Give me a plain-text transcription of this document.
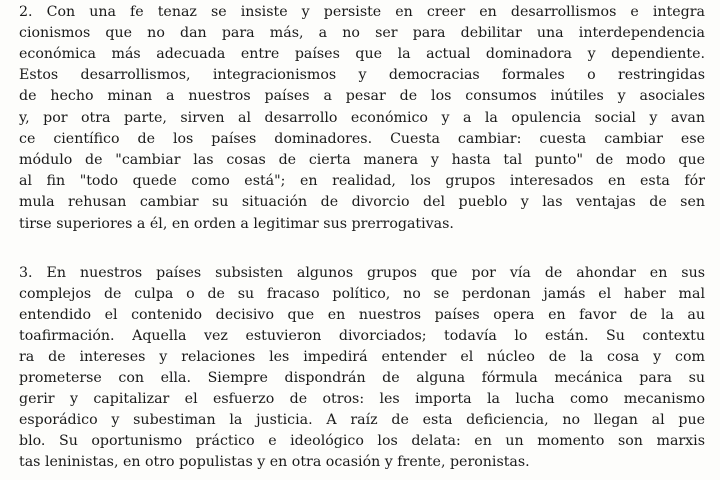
2. Con una fe tenaz se insiste y persiste en creer en desarrollismos e integra
cionismos que no dan para más, a no ser para debilitar una interdependencia
económica más adecuada entre países que la actual dominadora y dependiente.
Estos desarrollismos, integracionismos y democracias formales o restringidas
de hecho minan a nuestros países a pesar de los consumos inútiles y asociales
y, por otra parte, sirven al desarrollo económico y a la opulencia social y avan
ce científico de los países dominadores. Cuesta cambiar: cuesta cambiar ese
módulo de "cambiar las cosas de cierta manera y hasta tal punto" de modo que
al fin "todo quede como está"; en realidad, los grupos interesados en esta fór
mula rehusan cambiar su situación de divorcio del pueblo y las ventajas de sen
tirse superiores a él, en orden a legitimar sus prerrogativas.
3. En nuestros países subsisten algunos grupos que por vía de ahondar en sus
complejos de culpa o de su fracaso político, no se perdonan jamás el haber mal
entendido el contenido decisivo que en nuestros países opera en favor de la au
toafirmación. Aquella vez estuvieron divorciados; todavía lo están. Su contextu
ra de intereses y relaciones les impedirá entender el núcleo de la cosa y com
prometerse con ella. Siempre dispondrán de alguna fórmula mecánica para su
gerir y capitalizar el esfuerzo de otros: les importa la lucha como mecanismo
esporádico y subestiman la justicia. A raíz de esta deficiencia, no llegan al pue
blo. Su oportunismo práctico e ideológico los delata: en un momento son marxis
tas leninistas, en otro populistas y en otra ocasión y frente, peronistas.
